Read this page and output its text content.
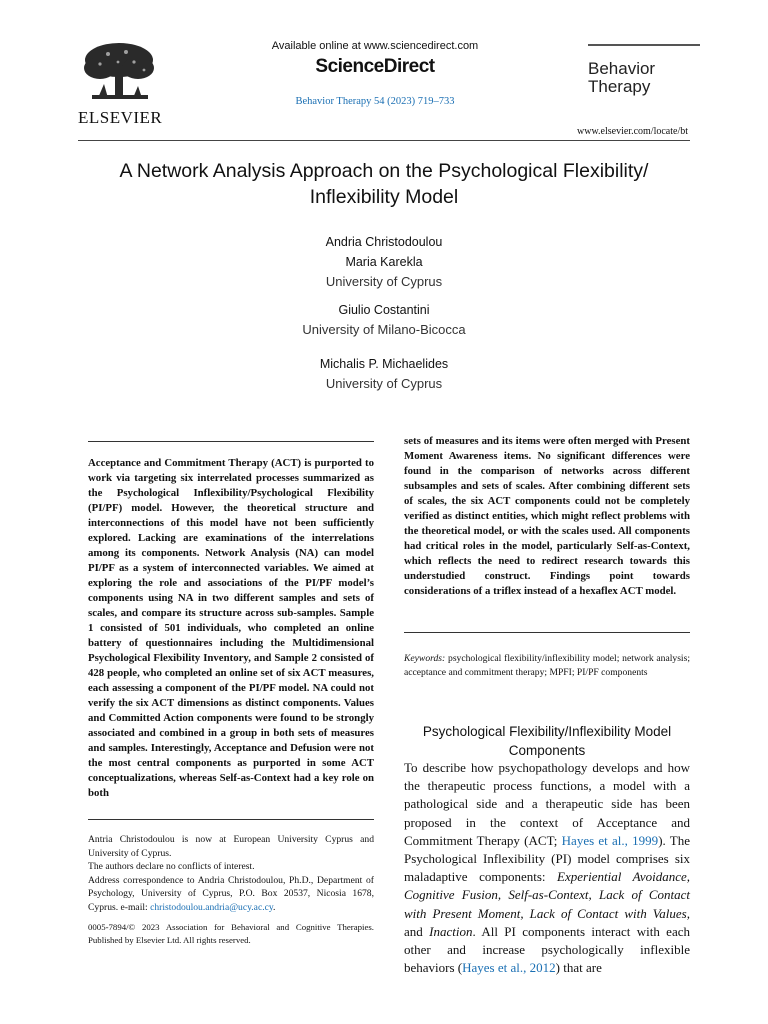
ELSEVIER
Available online at www.sciencedirect.com
ScienceDirect
Behavior Therapy 54 (2023) 719–733
Behavior
Therapy
www.elsevier.com/locate/bt
A Network Analysis Approach on the Psychological Flexibility/
Inflexibility Model
Andria Christodoulou
Maria Karekla
University of Cyprus
Giulio Costantini
University of Milano-Bicocca
Michalis P. Michaelides
University of Cyprus

Acceptance and Commitment Therapy (ACT) is purported to work via targeting six interrelated processes summarized as the Psychological Inflexibility/Psychological Flexibility (PI/PF) model. However, the theoretical structure and interconnections of this model have not been sufficiently explored. Lacking are examinations of the interrelations among its components. Network Analysis (NA) can model PI/PF as a system of interconnected variables. We aimed at exploring the role and associations of the PI/PF model’s components using NA in two different samples and sets of scales, and compare its structure across sub-samples. Sample 1 consisted of 501 individuals, who completed an online battery of questionnaires including the Multidimensional Psychological Flexibility Inventory, and Sample 2 consisted of 428 people, who completed an online set of six ACT measures, each assessing a component of the PI/PF model. NA could not verify the six ACT dimensions as distinct components. Values and Committed Action components were found to be strongly associated and combined in a group in both sets of measures and samples. Interestingly, Acceptance and Defusion were not the most central components as purported in some ACT conceptualizations, whereas Self-as-Context had a key role on both

Antria Christodoulou is now at European University Cyprus and University of Cyprus.
The authors declare no conflicts of interest.
Address correspondence to Andria Christodoulou, Ph.D., Department of Psychology, University of Cyprus, P.O. Box 20537, Nicosia 1678, Cyprus. e-mail: christodoulou.andria@ucy.ac.cy.
0005-7894/© 2023 Association for Behavioral and Cognitive Therapies. Published by Elsevier Ltd. All rights reserved.

sets of measures and its items were often merged with Present Moment Awareness items. No significant differences were found in the comparison of networks across different subsamples and sets of scales. After combining different sets of scales, the six ACT components could not be completely verified as distinct entities, which might reflect problems with the theoretical model, or with the scales used. All components had critical roles in the model, particularly Self-as-Context, which reflects the need to redirect research towards this understudied construct. Findings point towards considerations of a triflex instead of a hexaflex ACT model.

Keywords: psychological flexibility/inflexibility model; network analysis; acceptance and commitment therapy; MPFI; PI/PF components
Psychological Flexibility/Inflexibility Model Components

To describe how psychopathology develops and how the therapeutic process functions, a model with a pathological side and a therapeutic side has been proposed in the context of Acceptance and Commitment Therapy (ACT; Hayes et al., 1999). The Psychological Inflexibility (PI) model comprises six maladaptive components: Experiential Avoidance, Cognitive Fusion, Self-as-Context, Lack of Contact with Present Moment, Lack of Contact with Values, and Inaction. All PI components interact with each other and increase psychologically inflexible behaviors (Hayes et al., 2012) that are
